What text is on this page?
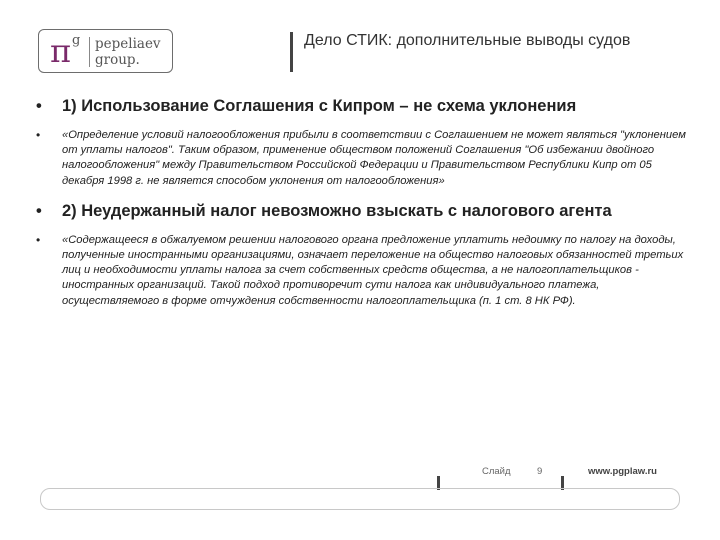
π g pepeliaev
group.
Дело СТИК: дополнительные выводы судов
• 1) Использование Соглашения с Кипром – не схема уклонения
• «Определение условий налогообложения прибыли в соответствии с Соглашением не может являться "уклонением от уплаты налогов". Таким образом, применение обществом положений Соглашения "Об избежании двойного налогообложения" между Правительством Российской Федерации и Правительством Республики Кипр от 05 декабря 1998 г. не является способом уклонения от налогообложения»
• 2) Неудержанный налог невозможно взыскать с налогового агента
• «Содержащееся в обжалуемом решении налогового органа предложение уплатить недоимку по налогу на доходы, полученные иностранными организациями, означает переложение на общество налоговых обязанностей третьих лиц и необходимости уплаты налога за счет собственных средств общества, а не налогоплательщиков - иностранных организаций. Такой подход противоречит сути налога как индивидуального платежа, осуществляемого в форме отчуждения собственности налогоплательщика (п. 1 ст. 8 НК РФ).
Слайд	9	www.pgplaw.ru
